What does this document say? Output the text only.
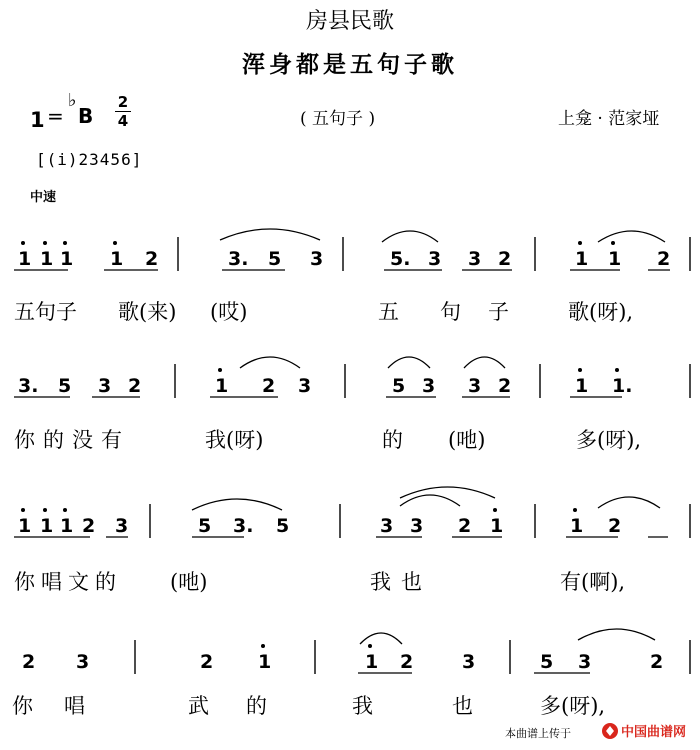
房县民歌
浑身都是五句子歌
1 =
♭
B
2
4	( 五句子 )	上龛 · 范家垭
[(i)23456]
中速
1 1 1 1 2	3. 5 3	5. 3 3 2	1 1 2
3. 5 3 2	1 2 3	5 3 3 2	1 1.
1 1 1 2 3	5 3. 5	3 3 2 1	1 2
2 3	2 1	1 2	3	5 3	2
五句子 歌(来) (哎)	五 句 子	歌(呀),
你的没有	我(呀)	的 (吔)	多(呀),
你唱文的 (吔)	我也	有(啊),
你 唱	武 的	我	也	多(呀),
本曲谱上传于	中国曲谱网
